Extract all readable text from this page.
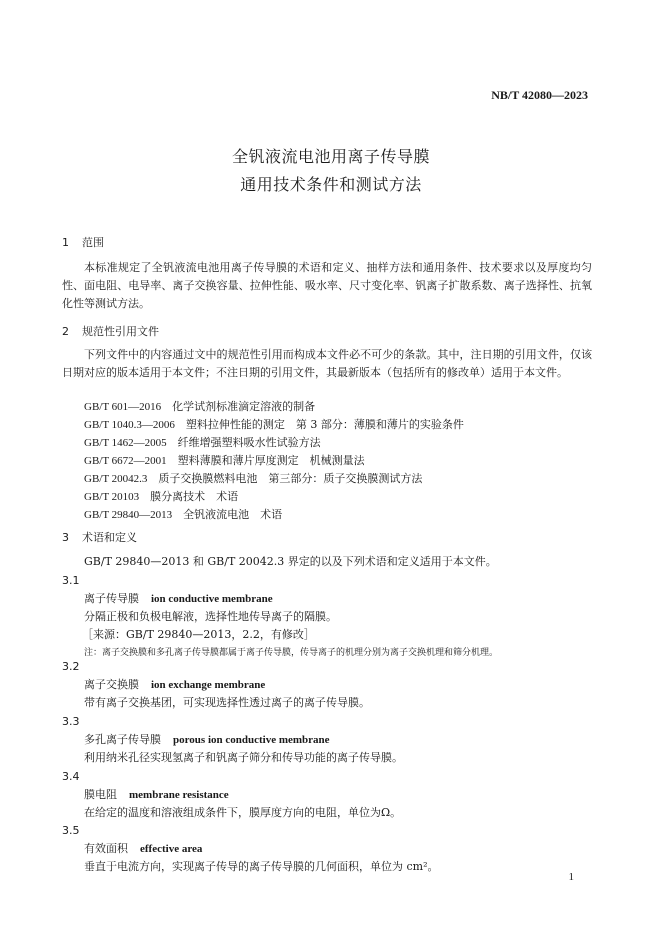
NB/T 42080—2023
全钒液流电池用离子传导膜
通用技术条件和测试方法
1 范围
本标准规定了全钒液流电池用离子传导膜的术语和定义、抽样方法和通用条件、技术要求以及厚度均匀性、面电阻、电导率、离子交换容量、拉伸性能、吸水率、尺寸变化率、钒离子扩散系数、离子选择性、抗氧化性等测试方法。
2 规范性引用文件
下列文件中的内容通过文中的规范性引用而构成本文件必不可少的条款。其中，注日期的引用文件，仅该日期对应的版本适用于本文件；不注日期的引用文件，其最新版本（包括所有的修改单）适用于本文件。
GB/T 601—2016　 化学试剂标准滴定溶液的制备
GB/T 1040.3—2006　 塑料拉伸性能的测定　第 3 部分：薄膜和薄片的实验条件
GB/T 1462—2005　 纤维增强塑料吸水性试验方法
GB/T 6672—2001　 塑料薄膜和薄片厚度测定　机械测量法
GB/T 20042.3　 质子交换膜燃料电池　第三部分：质子交换膜测试方法
GB/T 20103　 膜分离技术　术语
GB/T 29840—2013　 全钒液流电池　术语
3 术语和定义
GB/T 29840—2013 和 GB/T 20042.3 界定的以及下列术语和定义适用于本文件。
3.1
离子传导膜 ion conductive membrane
分隔正极和负极电解液，选择性地传导离子的隔膜。
［来源：GB/T 29840—2013，2.2，有修改］
注：离子交换膜和多孔离子传导膜都属于离子传导膜，传导离子的机理分别为离子交换机理和筛分机理。
3.2
离子交换膜 ion exchange membrane
带有离子交换基团，可实现选择性透过离子的离子传导膜。
3.3
多孔离子传导膜 porous ion conductive membrane
利用纳米孔径实现氢离子和钒离子筛分和传导功能的离子传导膜。
3.4
膜电阻 membrane resistance
在给定的温度和溶液组成条件下，膜厚度方向的电阻，单位为Ω。
3.5
有效面积 effective area
垂直于电流方向，实现离子传导的离子传导膜的几何面积，单位为 cm²。
1
